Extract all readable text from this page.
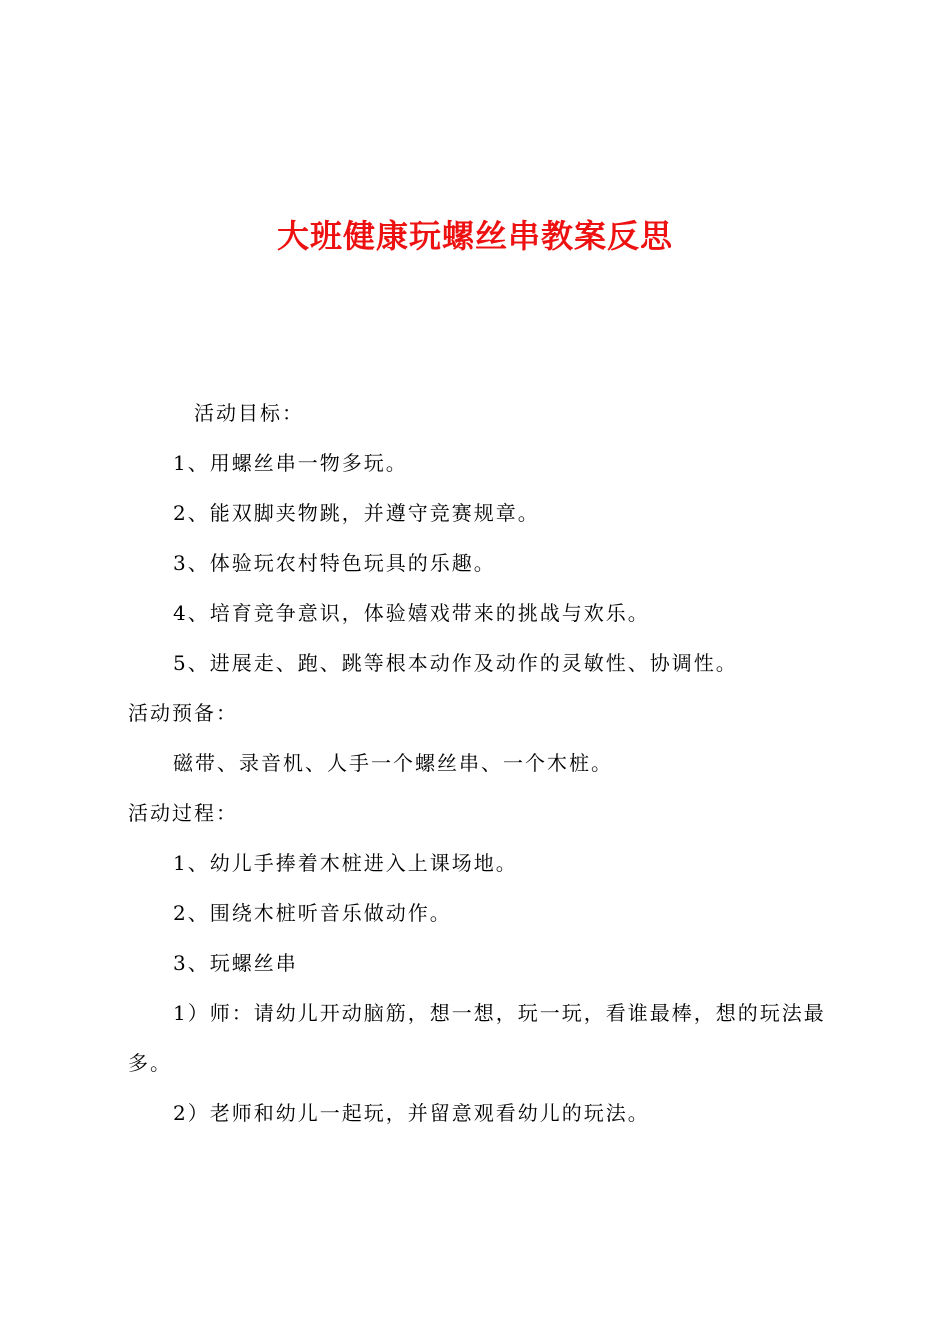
大班健康玩螺丝串教案反思
活动目标：
1、用螺丝串一物多玩。
2、能双脚夹物跳，并遵守竞赛规章。
3、体验玩农村特色玩具的乐趣。
4、培育竞争意识，体验嬉戏带来的挑战与欢乐。
5、进展走、跑、跳等根本动作及动作的灵敏性、协调性。
活动预备：
磁带、录音机、人手一个螺丝串、一个木桩。
活动过程：
1、幼儿手捧着木桩进入上课场地。
2、围绕木桩听音乐做动作。
3、玩螺丝串
1）师：请幼儿开动脑筋，想一想，玩一玩，看谁最棒，想的玩法最
多。
2）老师和幼儿一起玩，并留意观看幼儿的玩法。
